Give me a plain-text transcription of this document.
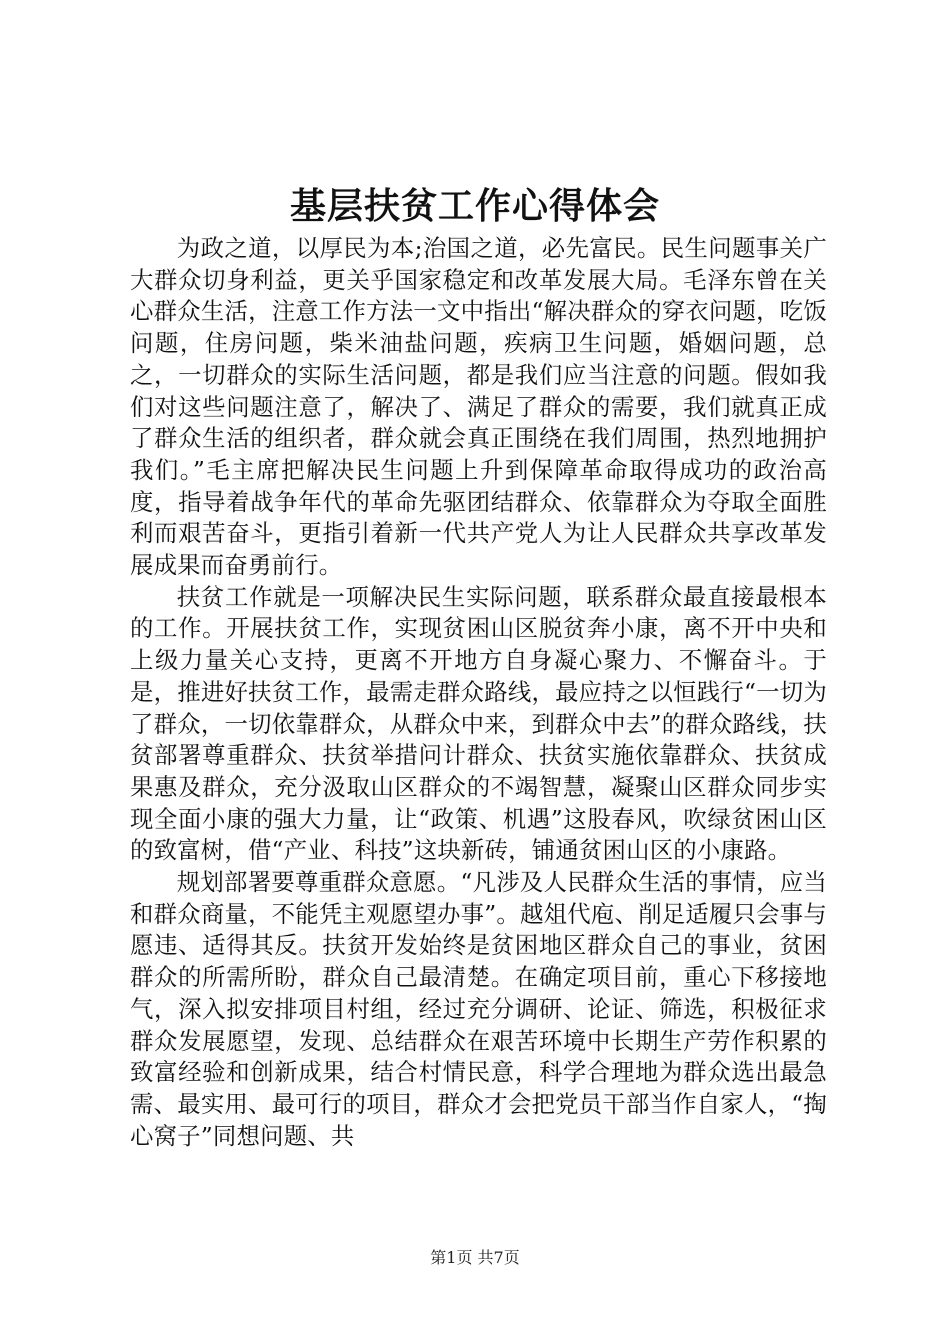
基层扶贫工作心得体会

为政之道，以厚民为本;治国之道，必先富民。民生问题事关广大群众切身利益，更关乎国家稳定和改革发展大局。毛泽东曾在关心群众生活，注意工作方法一文中指出“解决群众的穿衣问题，吃饭问题，住房问题，柴米油盐问题，疾病卫生问题，婚姻问题，总之，一切群众的实际生活问题，都是我们应当注意的问题。假如我们对这些问题注意了，解决了、满足了群众的需要，我们就真正成了群众生活的组织者，群众就会真正围绕在我们周围，热烈地拥护我们。”毛主席把解决民生问题上升到保障革命取得成功的政治高度，指导着战争年代的革命先驱团结群众、依靠群众为夺取全面胜利而艰苦奋斗，更指引着新一代共产党人为让人民群众共享改革发展成果而奋勇前行。

扶贫工作就是一项解决民生实际问题，联系群众最直接最根本的工作。开展扶贫工作，实现贫困山区脱贫奔小康，离不开中央和上级力量关心支持，更离不开地方自身凝心聚力、不懈奋斗。于是，推进好扶贫工作，最需走群众路线，最应持之以恒践行“一切为了群众，一切依靠群众，从群众中来，到群众中去”的群众路线，扶贫部署尊重群众、扶贫举措问计群众、扶贫实施依靠群众、扶贫成果惠及群众，充分汲取山区群众的不竭智慧，凝聚山区群众同步实现全面小康的强大力量，让“政策、机遇”这股春风，吹绿贫困山区的致富树，借“产业、科技”这块新砖，铺通贫困山区的小康路。

规划部署要尊重群众意愿。“凡涉及人民群众生活的事情，应当和群众商量，不能凭主观愿望办事”。越俎代庖、削足适履只会事与愿违、适得其反。扶贫开发始终是贫困地区群众自己的事业，贫困群众的所需所盼，群众自己最清楚。在确定项目前，重心下移接地气，深入拟安排项目村组，经过充分调研、论证、筛选，积极征求群众发展愿望，发现、总结群众在艰苦环境中长期生产劳作积累的致富经验和创新成果，结合村情民意，科学合理地为群众选出最急需、最实用、最可行的项目，群众才会把党员干部当作自家人，“掏心窝子”同想问题、共

第1页 共7页
